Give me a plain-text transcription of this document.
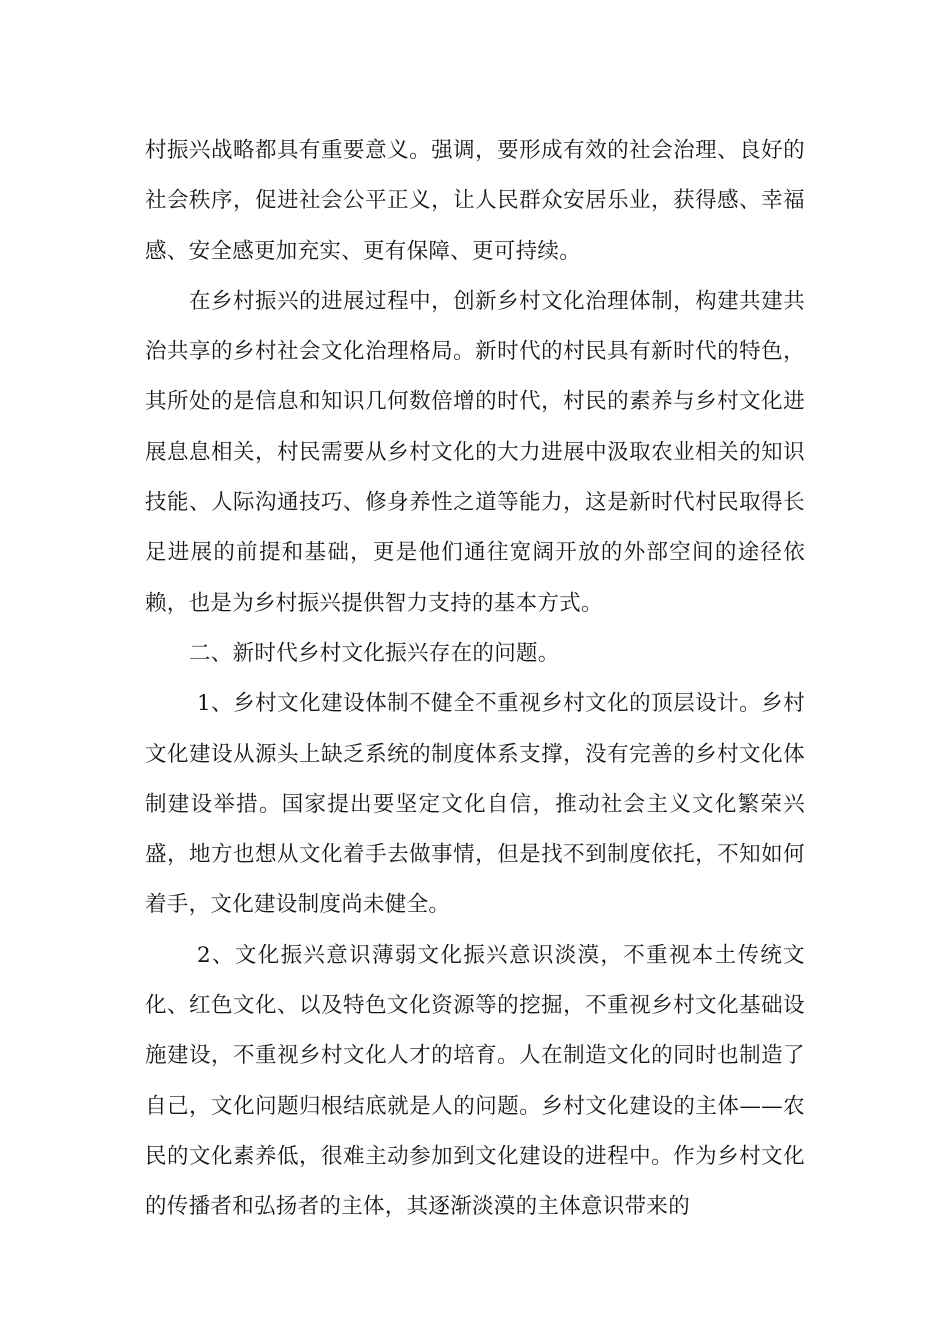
村振兴战略都具有重要意义。强调，要形成有效的社会治理、良好的社会秩序，促进社会公平正义，让人民群众安居乐业，获得感、幸福感、安全感更加充实、更有保障、更可持续。

在乡村振兴的进展过程中，创新乡村文化治理体制，构建共建共治共享的乡村社会文化治理格局。新时代的村民具有新时代的特色，其所处的是信息和知识几何数倍增的时代，村民的素养与乡村文化进展息息相关，村民需要从乡村文化的大力进展中汲取农业相关的知识技能、人际沟通技巧、修身养性之道等能力，这是新时代村民取得长足进展的前提和基础，更是他们通往宽阔开放的外部空间的途径依赖，也是为乡村振兴提供智力支持的基本方式。

二、新时代乡村文化振兴存在的问题。

1、乡村文化建设体制不健全不重视乡村文化的顶层设计。乡村文化建设从源头上缺乏系统的制度体系支撑，没有完善的乡村文化体制建设举措。国家提出要坚定文化自信，推动社会主义文化繁荣兴盛，地方也想从文化着手去做事情，但是找不到制度依托，不知如何着手，文化建设制度尚未健全。

2、文化振兴意识薄弱文化振兴意识淡漠，不重视本土传统文化、红色文化、以及特色文化资源等的挖掘，不重视乡村文化基础设施建设，不重视乡村文化人才的培育。人在制造文化的同时也制造了自己，文化问题归根结底就是人的问题。乡村文化建设的主体——农民的文化素养低，很难主动参加到文化建设的进程中。作为乡村文化的传播者和弘扬者的主体，其逐渐淡漠的主体意识带来的
